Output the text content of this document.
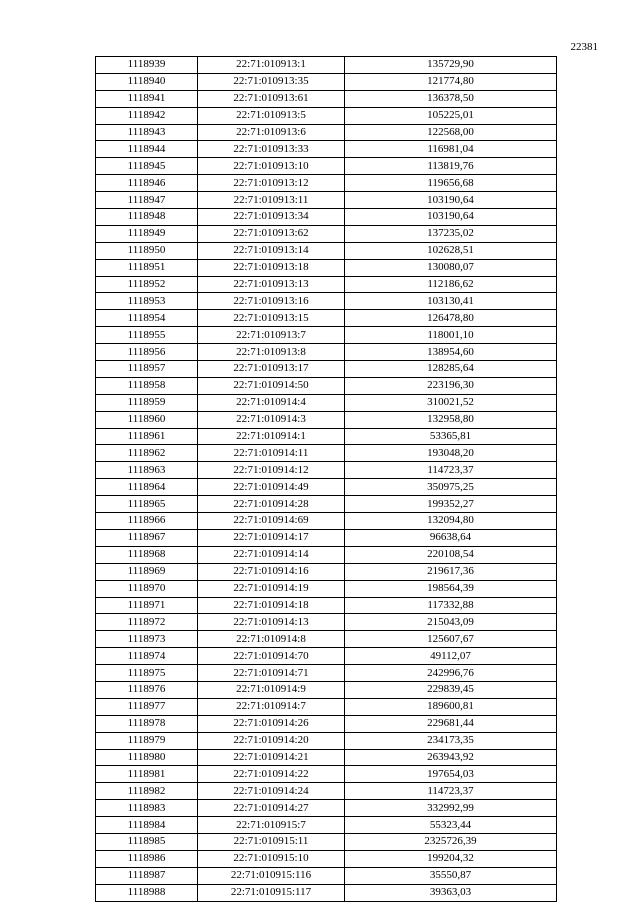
22381
1118939	22:71:010913:1	135729,90
1118940	22:71:010913:35	121774,80
1118941	22:71:010913:61	136378,50
1118942	22:71:010913:5	105225,01
1118943	22:71:010913:6	122568,00
1118944	22:71:010913:33	116981,04
1118945	22:71:010913:10	113819,76
1118946	22:71:010913:12	119656,68
1118947	22:71:010913:11	103190,64
1118948	22:71:010913:34	103190,64
1118949	22:71:010913:62	137235,02
1118950	22:71:010913:14	102628,51
1118951	22:71:010913:18	130080,07
1118952	22:71:010913:13	112186,62
1118953	22:71:010913:16	103130,41
1118954	22:71:010913:15	126478,80
1118955	22:71:010913:7	118001,10
1118956	22:71:010913:8	138954,60
1118957	22:71:010913:17	128285,64
1118958	22:71:010914:50	223196,30
1118959	22:71:010914:4	310021,52
1118960	22:71:010914:3	132958,80
1118961	22:71:010914:1	53365,81
1118962	22:71:010914:11	193048,20
1118963	22:71:010914:12	114723,37
1118964	22:71:010914:49	350975,25
1118965	22:71:010914:28	199352,27
1118966	22:71:010914:69	132094,80
1118967	22:71:010914:17	96638,64
1118968	22:71:010914:14	220108,54
1118969	22:71:010914:16	219617,36
1118970	22:71:010914:19	198564,39
1118971	22:71:010914:18	117332,88
1118972	22:71:010914:13	215043,09
1118973	22:71:010914:8	125607,67
1118974	22:71:010914:70	49112,07
1118975	22:71:010914:71	242996,76
1118976	22:71:010914:9	229839,45
1118977	22:71:010914:7	189600,81
1118978	22:71:010914:26	229681,44
1118979	22:71:010914:20	234173,35
1118980	22:71:010914:21	263943,92
1118981	22:71:010914:22	197654,03
1118982	22:71:010914:24	114723,37
1118983	22:71:010914:27	332992,99
1118984	22:71:010915:7	55323,44
1118985	22:71:010915:11	2325726,39
1118986	22:71:010915:10	199204,32
1118987	22:71:010915:116	35550,87
1118988	22:71:010915:117	39363,03
